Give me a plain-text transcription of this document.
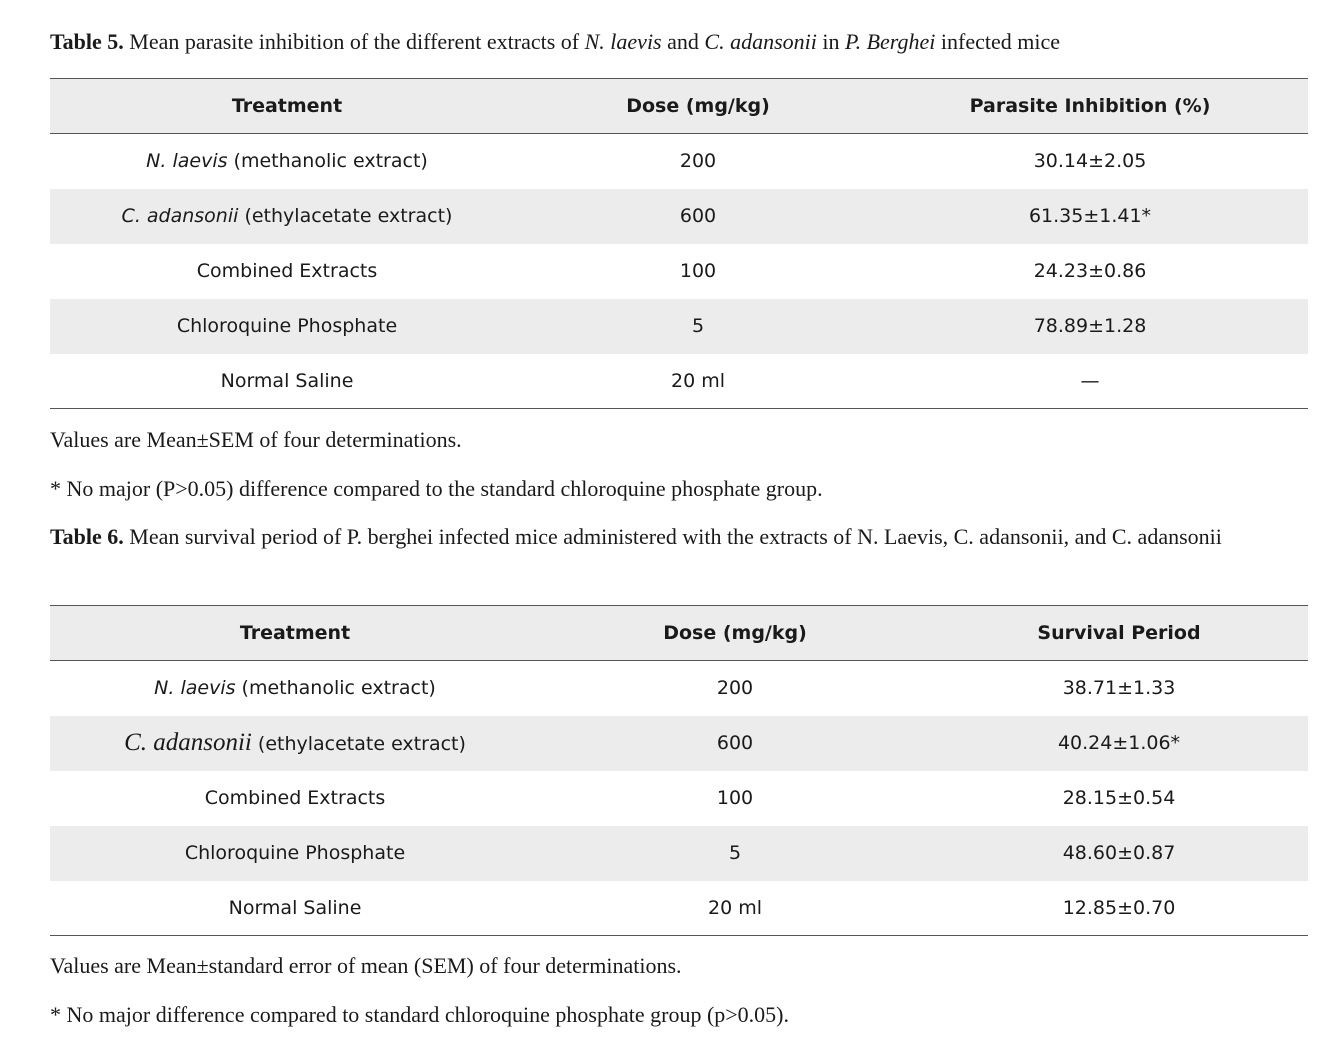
Table 5. Mean parasite inhibition of the different extracts of N. laevis and C. adansonii in P. Berghei infected mice
Treatment	Dose (mg/kg)	Parasite Inhibition (%)
N. laevis (methanolic extract)	200	30.14±2.05
C. adansonii (ethylacetate extract)	600	61.35±1.41*
Combined Extracts	100	24.23±0.86
Chloroquine Phosphate	5	78.89±1.28
Normal Saline	20 ml	—
Values are Mean±SEM of four determinations.
* No major (P>0.05) difference compared to the standard chloroquine phosphate group.
Table 6. Mean survival period of P. berghei infected mice administered with the extracts of N. Laevis, C. adansonii, and C. adansonii
Treatment	Dose (mg/kg)	Survival Period
N. laevis (methanolic extract)	200	38.71±1.33
C. adansonii (ethylacetate extract)	600	40.24±1.06*
Combined Extracts	100	28.15±0.54
Chloroquine Phosphate	5	48.60±0.87
Normal Saline	20 ml	12.85±0.70
Values are Mean±standard error of mean (SEM) of four determinations.
* No major difference compared to standard chloroquine phosphate group (p>0.05).
